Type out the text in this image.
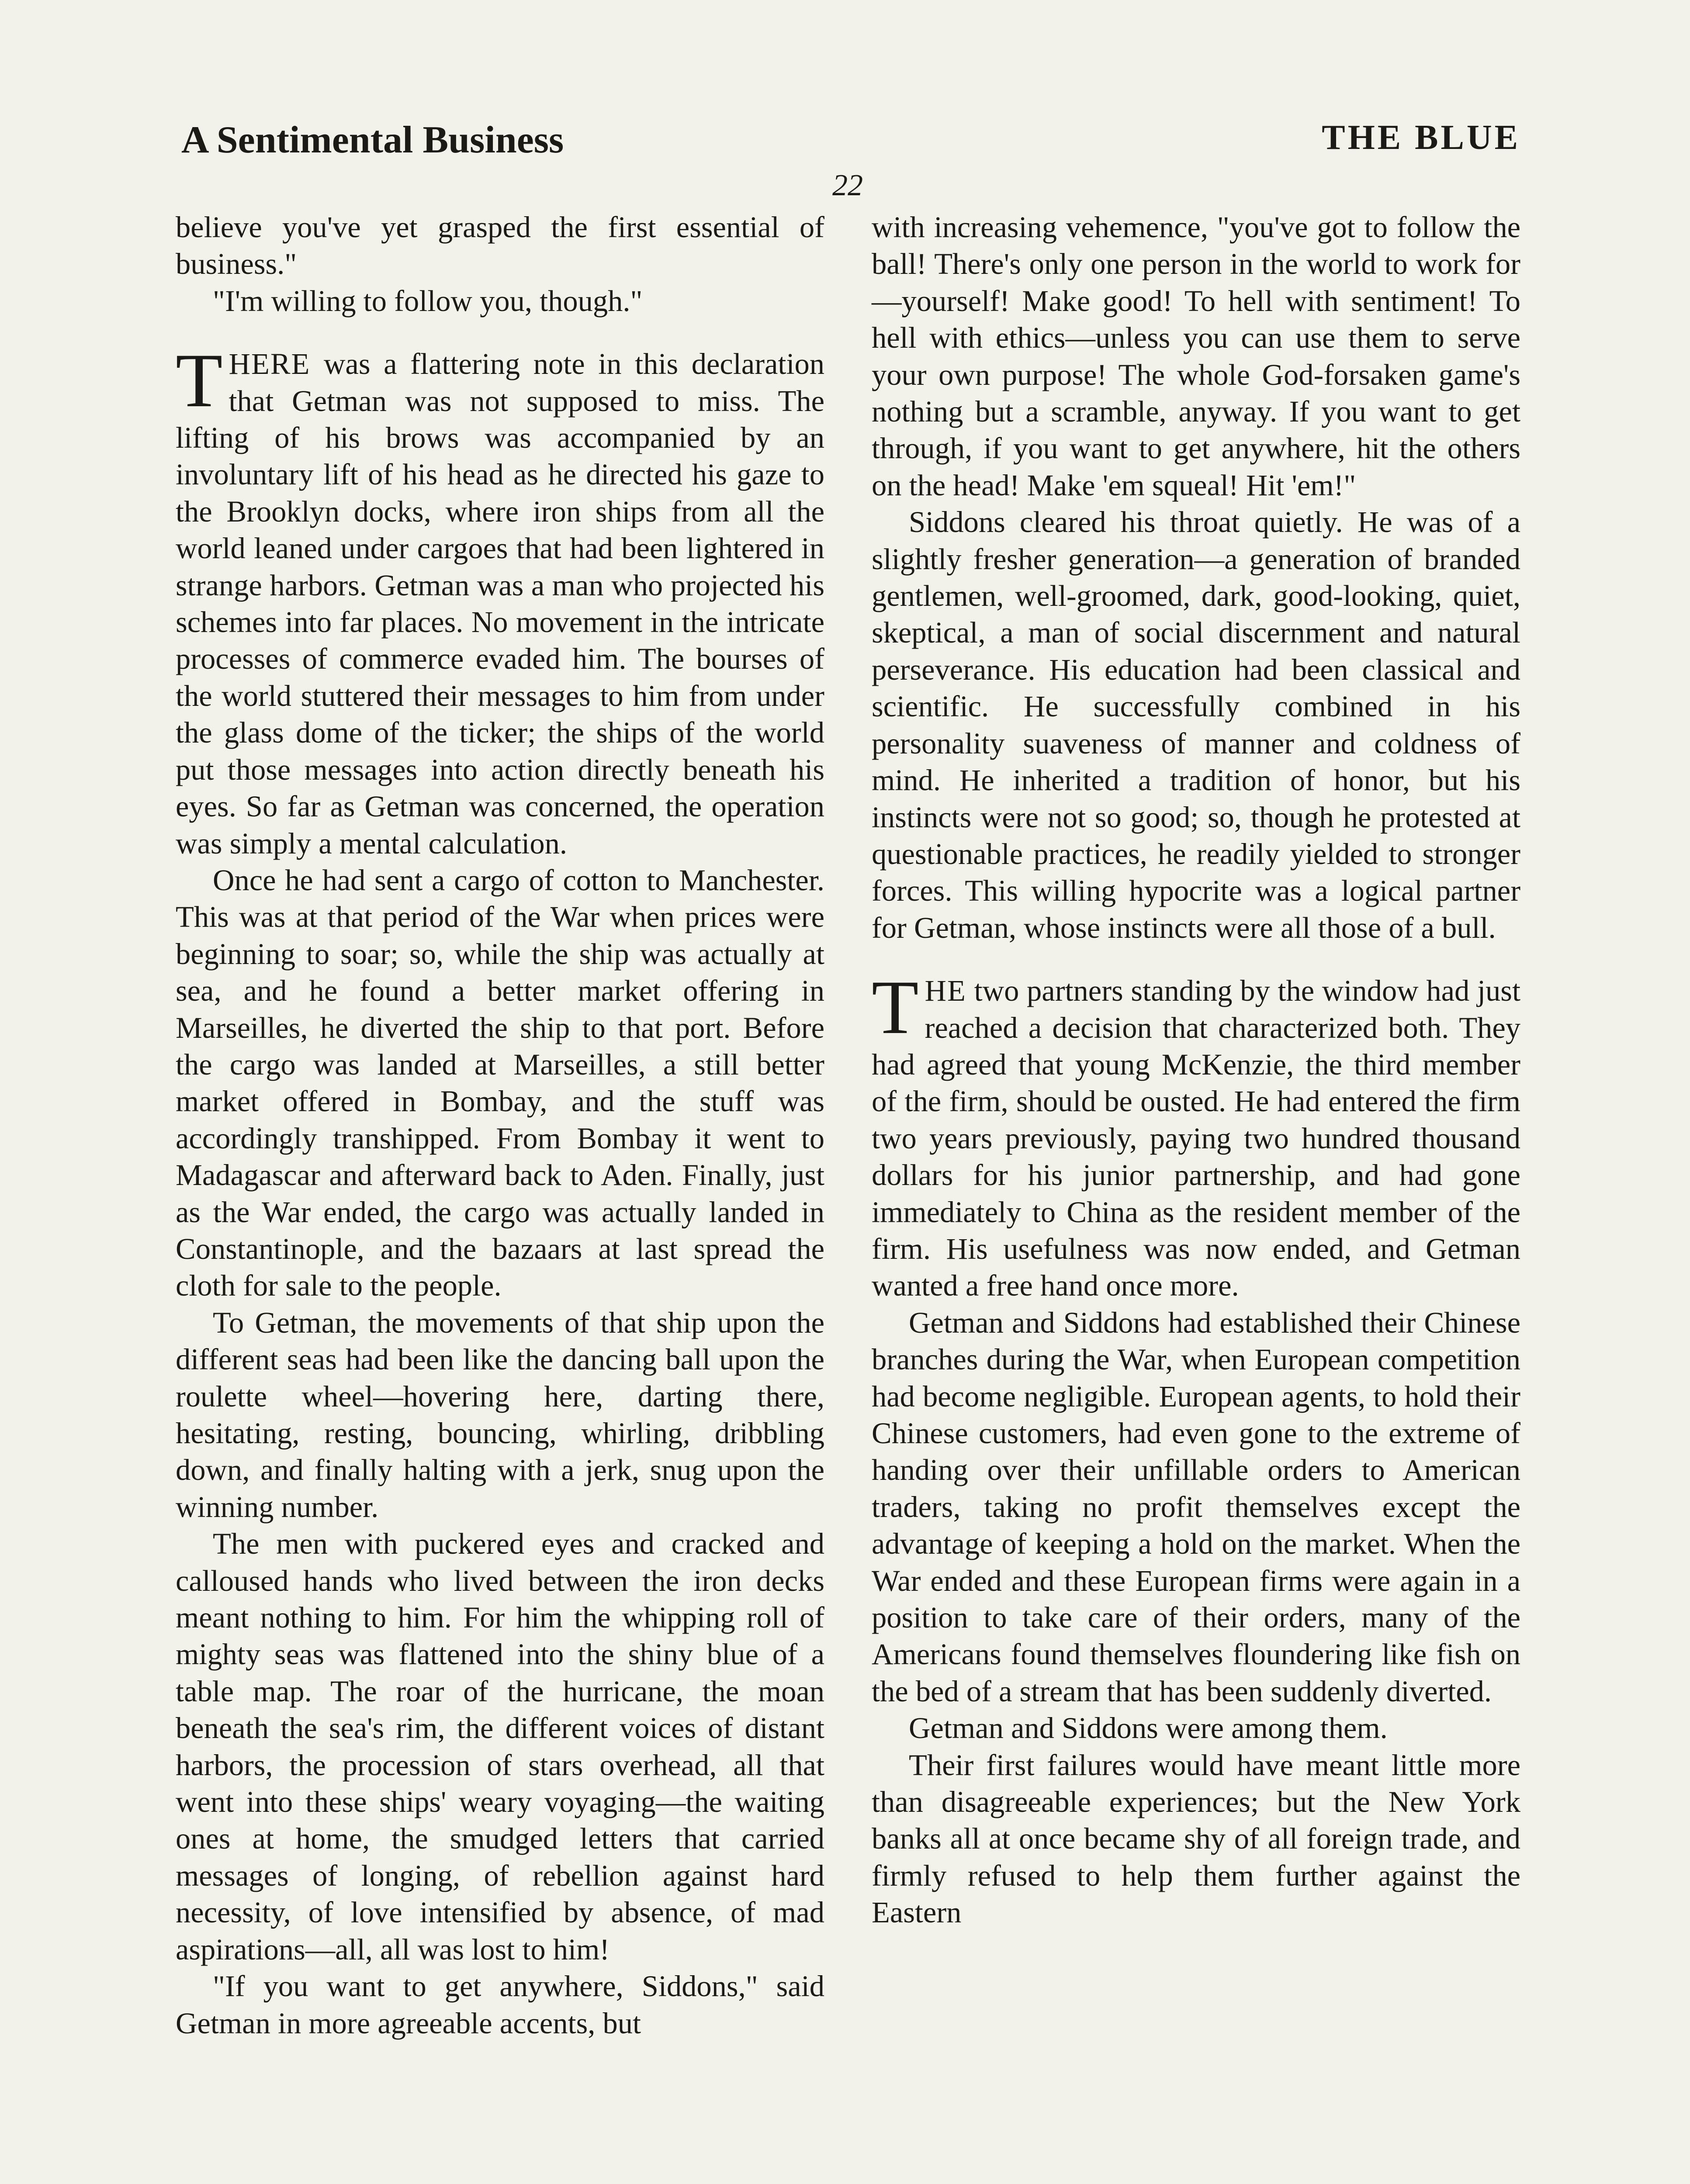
A Sentimental Business	THE BLUE
22

believe you've yet grasped the first essential of business."

"I'm willing to follow you, though."

THERE was a flattering note in this declaration that Getman was not supposed to miss. The lifting of his brows was accompanied by an involuntary lift of his head as he directed his gaze to the Brooklyn docks, where iron ships from all the world leaned under cargoes that had been lightered in strange harbors. Getman was a man who projected his schemes into far places. No movement in the intricate processes of commerce evaded him. The bourses of the world stuttered their messages to him from under the glass dome of the ticker; the ships of the world put those messages into action directly beneath his eyes. So far as Getman was concerned, the operation was simply a mental calculation.

Once he had sent a cargo of cotton to Manchester. This was at that period of the War when prices were beginning to soar; so, while the ship was actually at sea, and he found a better market offering in Marseilles, he diverted the ship to that port. Before the cargo was landed at Marseilles, a still better market offered in Bombay, and the stuff was accordingly transhipped. From Bombay it went to Madagascar and afterward back to Aden. Finally, just as the War ended, the cargo was actually landed in Constantinople, and the bazaars at last spread the cloth for sale to the people.

To Getman, the movements of that ship upon the different seas had been like the dancing ball upon the roulette wheel—hovering here, darting there, hesitating, resting, bouncing, whirling, dribbling down, and finally halting with a jerk, snug upon the winning number.

The men with puckered eyes and cracked and calloused hands who lived between the iron decks meant nothing to him. For him the whipping roll of mighty seas was flattened into the shiny blue of a table map. The roar of the hurricane, the moan beneath the sea's rim, the different voices of distant harbors, the procession of stars overhead, all that went into these ships' weary voyaging—the waiting ones at home, the smudged letters that carried messages of longing, of rebellion against hard necessity, of love intensified by absence, of mad aspirations—all, all was lost to him!

"If you want to get anywhere, Siddons," said Getman in more agreeable accents, but

with increasing vehemence, "you've got to follow the ball! There's only one person in the world to work for—yourself! Make good! To hell with sentiment! To hell with ethics—unless you can use them to serve your own purpose! The whole God-forsaken game's nothing but a scramble, anyway. If you want to get through, if you want to get anywhere, hit the others on the head! Make 'em squeal! Hit 'em!"

Siddons cleared his throat quietly. He was of a slightly fresher generation—a generation of branded gentlemen, well-groomed, dark, good-looking, quiet, skeptical, a man of social discernment and natural perseverance. His education had been classical and scientific. He successfully combined in his personality suaveness of manner and coldness of mind. He inherited a tradition of honor, but his instincts were not so good; so, though he protested at questionable practices, he readily yielded to stronger forces. This willing hypocrite was a logical partner for Getman, whose instincts were all those of a bull.

THE two partners standing by the window had just reached a decision that characterized both. They had agreed that young McKenzie, the third member of the firm, should be ousted. He had entered the firm two years previously, paying two hundred thousand dollars for his junior partnership, and had gone immediately to China as the resident member of the firm. His usefulness was now ended, and Getman wanted a free hand once more.

Getman and Siddons had established their Chinese branches during the War, when European competition had become negligible. European agents, to hold their Chinese customers, had even gone to the extreme of handing over their unfillable orders to American traders, taking no profit themselves except the advantage of keeping a hold on the market. When the War ended and these European firms were again in a position to take care of their orders, many of the Americans found themselves floundering like fish on the bed of a stream that has been suddenly diverted.

Getman and Siddons were among them.

Their first failures would have meant little more than disagreeable experiences; but the New York banks all at once became shy of all foreign trade, and firmly refused to help them further against the Eastern
